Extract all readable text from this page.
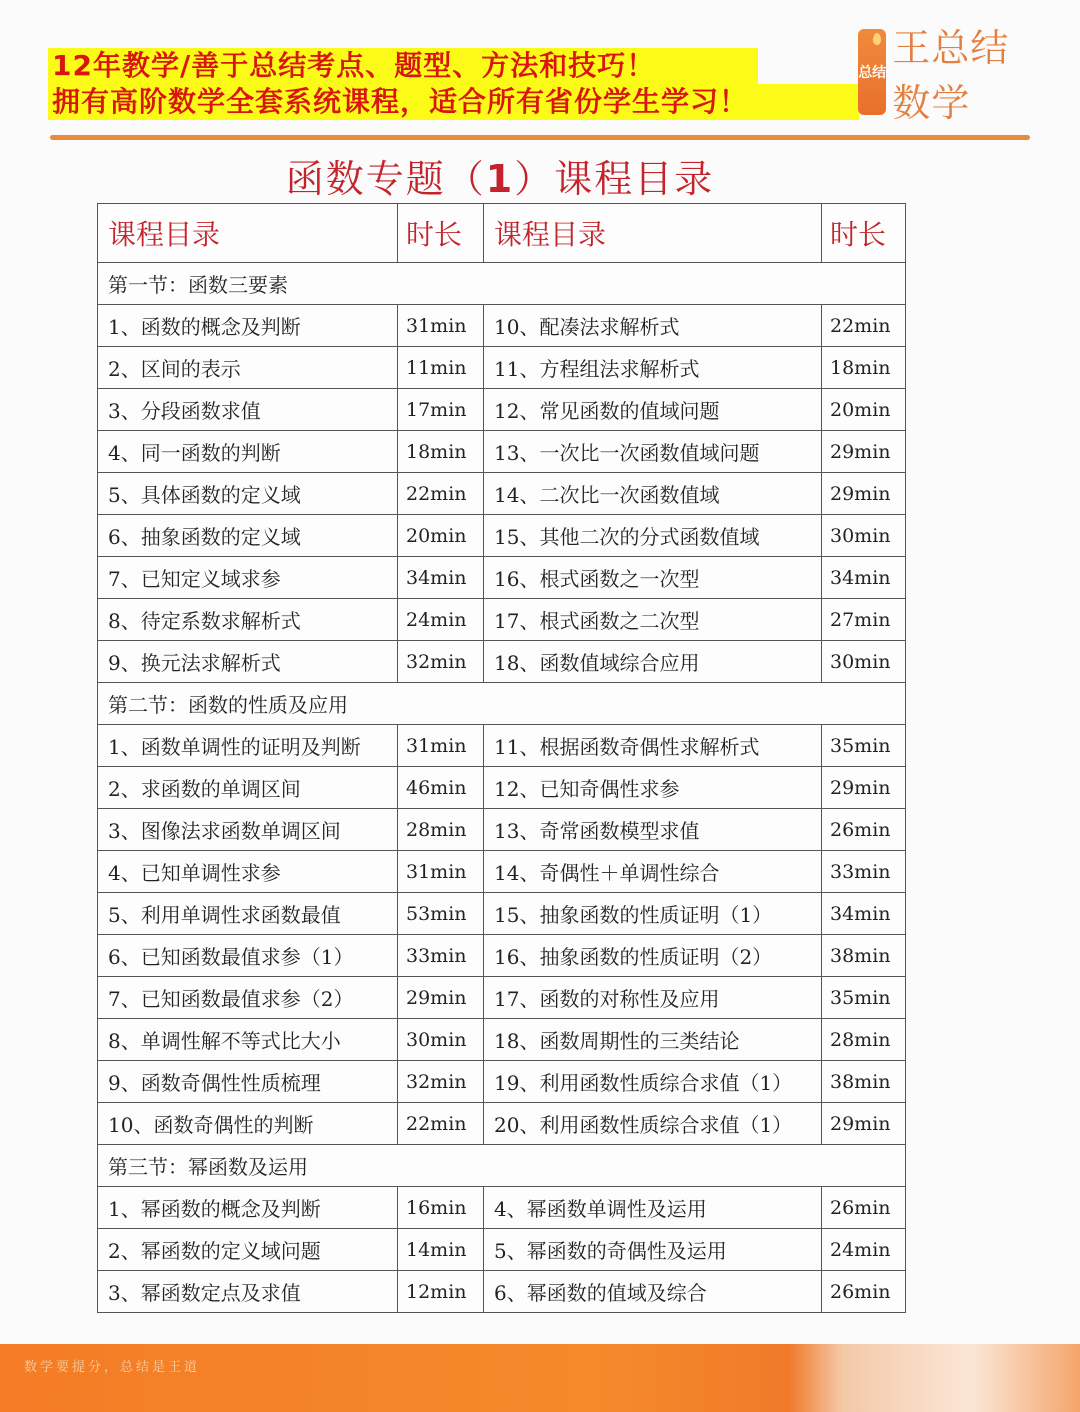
12年教学/善于总结考点、题型、方法和技巧！
拥有高阶数学全套系统课程，适合所有省份学生学习！
总结
王总结数学
函数专题（1）课程目录
课程目录	时长	课程目录	时长
第一节：函数三要素			
1、函数的概念及判断	31min	10、配凑法求解析式	22min
2、区间的表示	11min	11、方程组法求解析式	18min
3、分段函数求值	17min	12、常见函数的值域问题	20min
4、同一函数的判断	18min	13、一次比一次函数值域问题	29min
5、具体函数的定义域	22min	14、二次比一次函数值域	29min
6、抽象函数的定义域	20min	15、其他二次的分式函数值域	30min
7、已知定义域求参	34min	16、根式函数之一次型	34min
8、待定系数求解析式	24min	17、根式函数之二次型	27min
9、换元法求解析式	32min	18、函数值域综合应用	30min
第二节：函数的性质及应用			
1、函数单调性的证明及判断	31min	11、根据函数奇偶性求解析式	35min
2、求函数的单调区间	46min	12、已知奇偶性求参	29min
3、图像法求函数单调区间	28min	13、奇常函数模型求值	26min
4、已知单调性求参	31min	14、奇偶性＋单调性综合	33min
5、利用单调性求函数最值	53min	15、抽象函数的性质证明（1）	34min
6、已知函数最值求参（1）	33min	16、抽象函数的性质证明（2）	38min
7、已知函数最值求参（2）	29min	17、函数的对称性及应用	35min
8、单调性解不等式比大小	30min	18、函数周期性的三类结论	28min
9、函数奇偶性性质梳理	32min	19、利用函数性质综合求值（1）	38min
10、函数奇偶性的判断	22min	20、利用函数性质综合求值（1）	29min
第三节：幂函数及运用			
1、幂函数的概念及判断	16min	4、幂函数单调性及运用	26min
2、幂函数的定义域问题	14min	5、幂函数的奇偶性及运用	24min
3、幂函数定点及求值	12min	6、幂函数的值域及综合	26min
数学要提分，总结是王道
